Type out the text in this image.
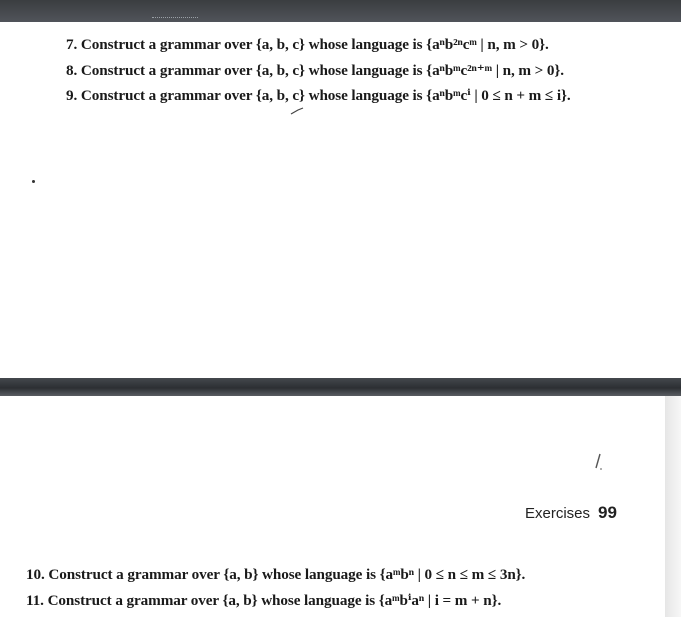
7. Construct a grammar over {a, b, c} whose language is {aⁿb²ⁿcᵐ | n, m > 0}.
8. Construct a grammar over {a, b, c} whose language is {aⁿbᵐc²ⁿ⁺ᵐ | n, m > 0}.
9. Construct a grammar over {a, b, c} whose language is {aⁿbᵐcⁱ | 0 ≤ n + m ≤ i}.
Exercises 99
10. Construct a grammar over {a, b} whose language is {aᵐbⁿ | 0 ≤ n ≤ m ≤ 3n}.
11. Construct a grammar over {a, b} whose language is {aᵐbⁱaⁿ | i = m + n}.
